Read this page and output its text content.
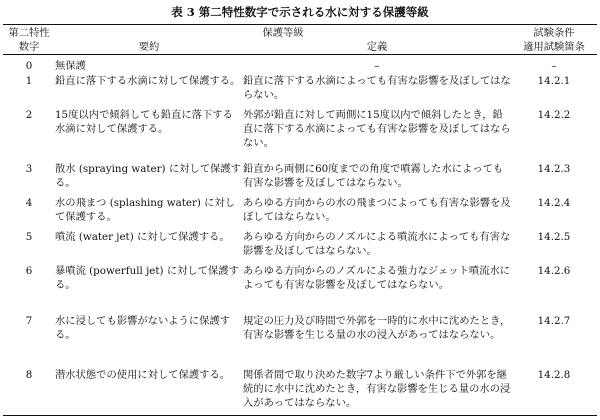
表 3 第二特性数字で示される水に対する保護等級
第二特性	保護等級		試験条件

数字	要約	定義	適用試験箇条
0	無保護	–	–
1	鉛直に落下する水滴に対して保護する。	鉛直に落下する水滴によっても有害な影響を及ぼしてはならない。	14.2.1
2	15度以内で傾斜しても鉛直に落下する水滴に対して保護する。	外郭が鉛直に対して両側に15度以内で傾斜したとき，鉛直に落下する水滴によっても有害な影響を及ぼしてはならない。	14.2.2
3	散水 (spraying water) に対して保護する。	鉛直から両側に60度までの角度で噴霧した水によっても有害な影響を及ぼしてはならない。	14.2.3
4	水の飛まつ (splashing water) に対して保護する。	あらゆる方向からの水の飛まつによっても有害な影響を及ぼしてはならない。	14.2.4
5	噴流 (water jet) に対して保護する。	あらゆる方向からのノズルによる噴流水によっても有害な影響を及ぼしてはならない。	14.2.5
6	暴噴流 (powerfull jet) に対して保護する。	あらゆる方向からのノズルによる強力なジェット噴流水によっても有害な影響を及ぼしてはならない。	14.2.6
7	水に浸しても影響がないように保護する。	規定の圧力及び時間で外郭を一時的に水中に沈めたとき，有害な影響を生じる量の水の浸入があってはならない。	14.2.7
8	潜水状態での使用に対して保護する。	関係者間で取り決めた数字7より厳しい条件下で外郭を継続的に水中に沈めたとき，有害な影響を生じる量の水の浸入があってはならない。	14.2.8
